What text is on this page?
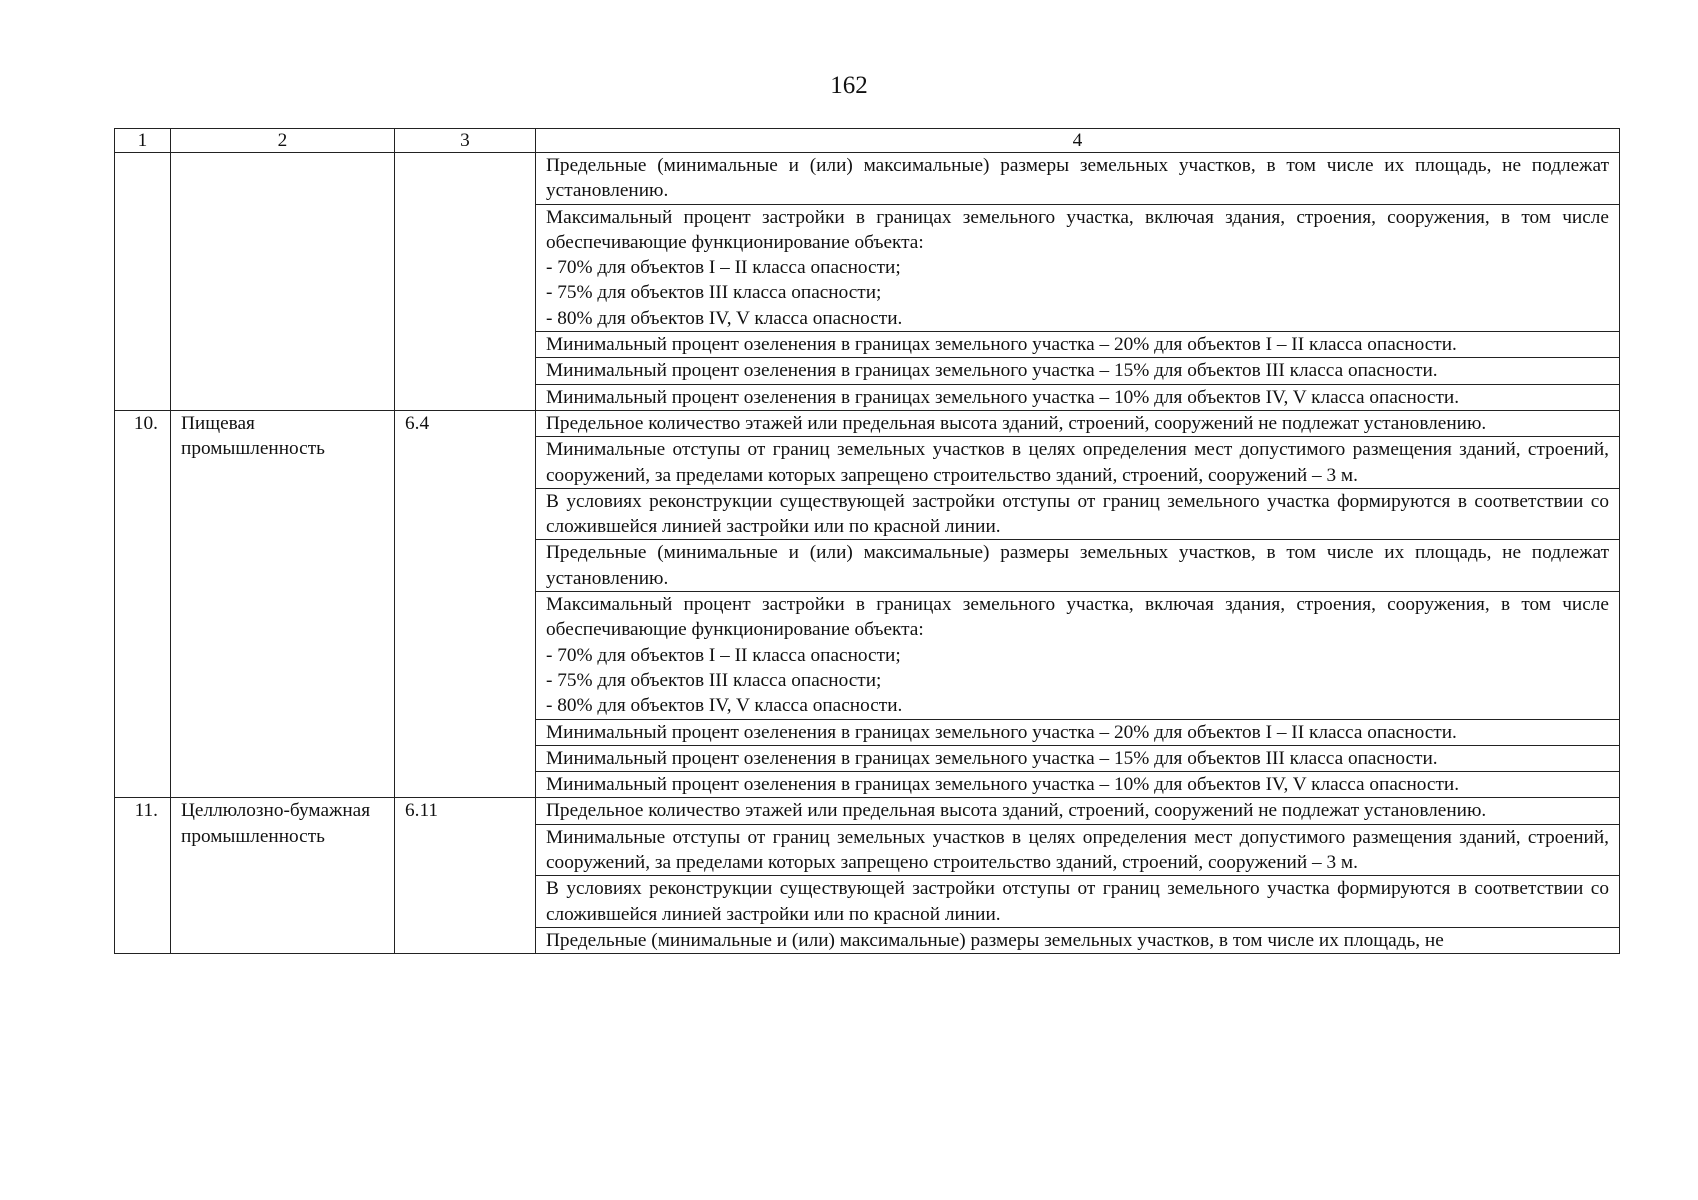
162
1	2	3	4
			Предельные (минимальные и (или) максимальные) размеры земельных участков, в том числе их площадь, не подлежат установлению.

			Максимальный процент застройки в границах земельного участка, включая здания, строения, сооружения, в том числе обеспечивающие функционирование объекта:
- 70% для объектов I – II класса опасности;
- 75% для объектов III класса опасности;
- 80% для объектов IV, V класса опасности.

			Минимальный процент озеленения в границах земельного участка – 20% для объектов I – II класса опасности.
			Минимальный процент озеленения в границах земельного участка – 15% для объектов III класса опасности.
			Минимальный процент озеленения в границах земельного участка – 10% для объектов IV, V класса опасности.
10.	Пищевая промышленность	6.4	Предельное количество этажей или предельная высота зданий, строений, сооружений не подлежат установлению.
			Минимальные отступы от границ земельных участков в целях определения мест допустимого размещения зданий, строений, сооружений, за пределами которых запрещено строительство зданий, строений, сооружений – 3 м.
			В условиях реконструкции существующей застройки отступы от границ земельного участка формируются в соответствии со сложившейся линией застройки или по красной линии.
			Предельные (минимальные и (или) максимальные) размеры земельных участков, в том числе их площадь, не подлежат установлению.

			Максимальный процент застройки в границах земельного участка, включая здания, строения, сооружения, в том числе обеспечивающие функционирование объекта:
- 70% для объектов I – II класса опасности;
- 75% для объектов III класса опасности;
- 80% для объектов IV, V класса опасности.

			Минимальный процент озеленения в границах земельного участка – 20% для объектов I – II класса опасности.
			Минимальный процент озеленения в границах земельного участка – 15% для объектов III класса опасности.
			Минимальный процент озеленения в границах земельного участка – 10% для объектов IV, V класса опасности.
11.	Целлюлозно-бумажная промышленность	6.11	Предельное количество этажей или предельная высота зданий, строений, сооружений не подлежат установлению.
			Минимальные отступы от границ земельных участков в целях определения мест допустимого размещения зданий, строений, сооружений, за пределами которых запрещено строительство зданий, строений, сооружений – 3 м.
			В условиях реконструкции существующей застройки отступы от границ земельного участка формируются в соответствии со сложившейся линией застройки или по красной линии.
			Предельные (минимальные и (или) максимальные) размеры земельных участков, в том числе их площадь, не
